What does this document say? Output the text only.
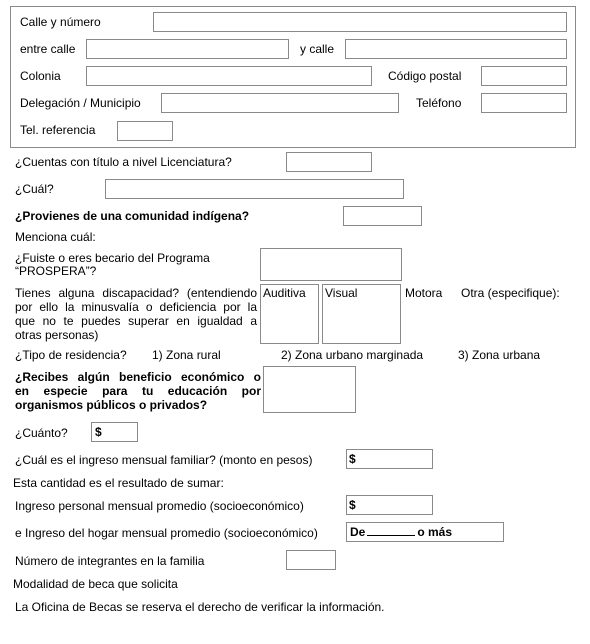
Calle y número
entre calle	y calle
Colonia	Código postal
Delegación / Municipio	Teléfono
Tel. referencia
¿Cuentas con título a nivel Licenciatura?
¿Cuál?
¿Provienes de una comunidad indígena?
Menciona cuál:
¿Fuiste o eres becario del Programa
“PROSPERA”?
Tienes alguna discapacidad? (entendiendo
por ello la minusvalía o deficiencia por la
que no te puedes superar en igualdad a
otras personas)
Auditiva Visual	Motora Otra (especifique):
¿Tipo de residencia? 1) Zona rural	2) Zona urbano marginada	3) Zona urbana
¿Recibes algún beneficio económico o
en especie para tu educación por
organismos públicos o privados?
¿Cuánto? $
¿Cuál es el ingreso mensual familiar? (monto en pesos)	$
Esta cantidad es el resultado de sumar:
Ingreso personal mensual promedio (socioeconómico)	$
e Ingreso del hogar mensual promedio (socioeconómico)	De	o más
Número de integrantes en la familia
Modalidad de beca que solicita
La Oficina de Becas se reserva el derecho de verificar la información.
